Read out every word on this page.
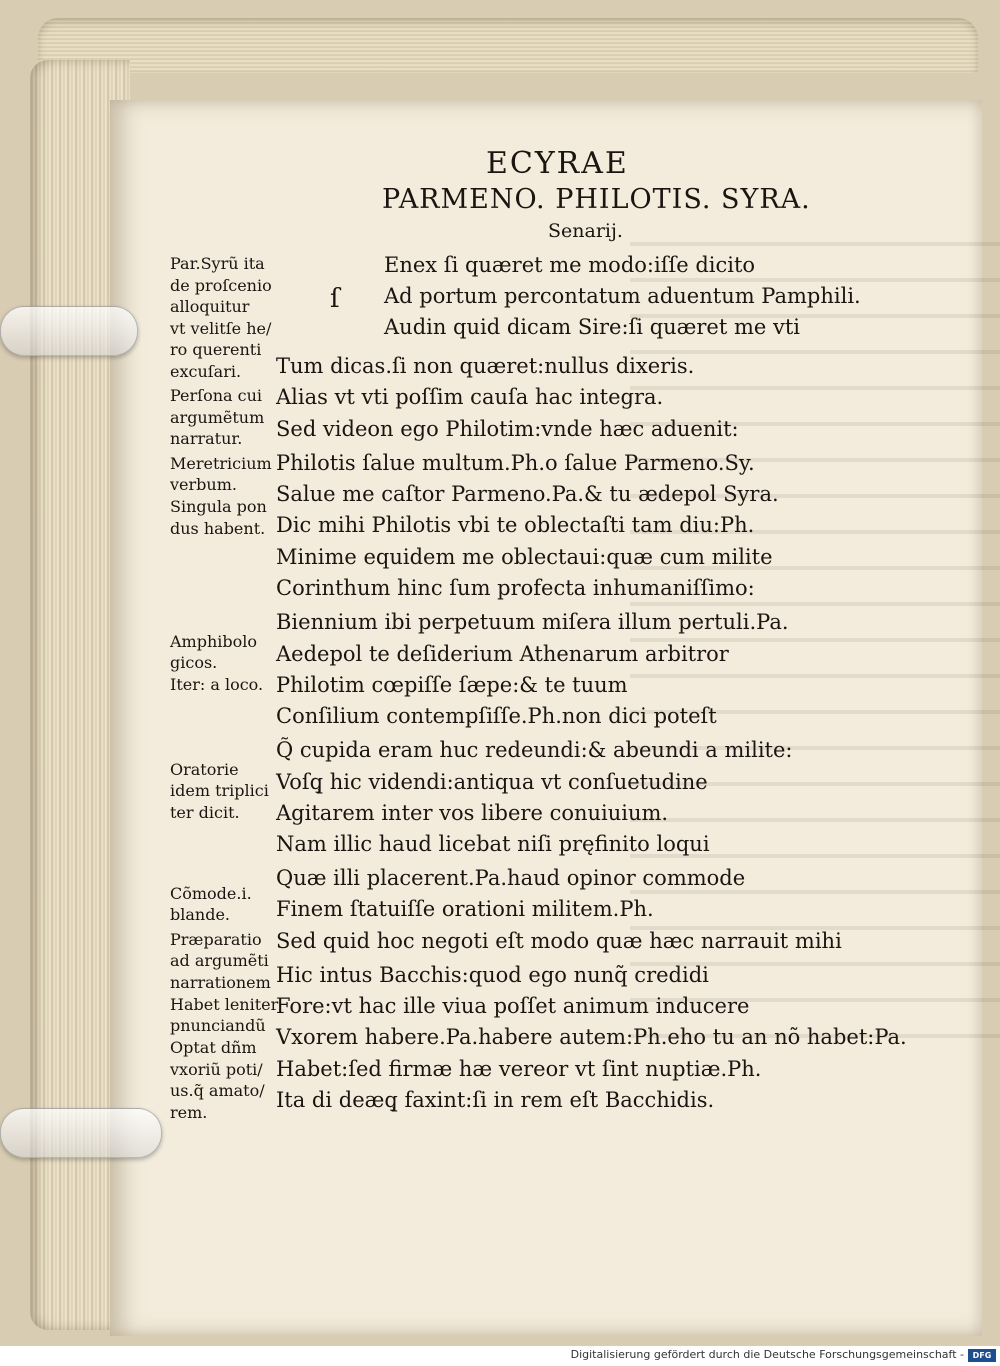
ECYRAE
PARMENO. PHILOTIS. SYRA.
Senarij.
ſ
Par.Syrũ ita
de proſcenio
alloquitur
vt velitſe he/
ro querenti
excuſari.
Perſona cui
argumẽtum
narratur.
Meretricium
verbum.
Singula pon
dus habent.
Amphibolo
gicos.
Iter: a loco.
Oratorie
idem triplici
ter dicit.
Cõmode.i.
blande.
Præparatio
ad argumẽti
narrationem
Habet leniter
pnunciandũ
Optat dñm
vxoriũ poti/
us.q̃ amato/
rem.
Enex ſi quæret me modo:iſſe dicito
Ad portum percontatum aduentum Pamphili.
Audin quid dicam Sire:ſi quæret me vti
Tum dicas.ſi non quæret:nullus dixeris.
Alias vt vti poſſim cauſa hac integra.
Sed videon ego Philotim:vnde hæc aduenit:
Philotis ſalue multum.Ph.o ſalue Parmeno.Sy.
Salue me caſtor Parmeno.Pa.& tu ædepol Syra.
Dic mihi Philotis vbi te oblectaſti tam diu:Ph.
Minime equidem me oblectaui:quæ cum milite
Corinthum hinc ſum profecta inhumaniſſimo:
Biennium ibi perpetuum miſera illum pertuli.Pa.
Aedepol te deſiderium Athenarum arbitror
Philotim cœpiſſe ſæpe:& te tuum
Conſilium contempſiſſe.Ph.non dici poteſt
Q̃ cupida eram huc redeundi:& abeundi a milite:
Voſq̧ hic videndi:antiqua vt conſuetudine
Agitarem inter vos libere conuiuium.
Nam illic haud licebat niſi pręfinito loqui
Quæ illi placerent.Pa.haud opinor commode
Finem ſtatuiſſe orationi militem.Ph.
Sed quid hoc negoti eſt modo quæ hæc narrauit mihi
Hic intus Bacchis:quod ego nunq̃ credidi
Fore:vt hac ille viua poſſet animum inducere
Vxorem habere.Pa.habere autem:Ph.eho tu an nõ habet:Pa.
Habet:ſed firmæ hæ vereor vt ſint nuptiæ.Ph.
Ita di deæq̧ faxint:ſi in rem eſt Bacchidis.
Digitalisierung gefördert durch die Deutsche Forschungsgemeinschaft -	DFG
